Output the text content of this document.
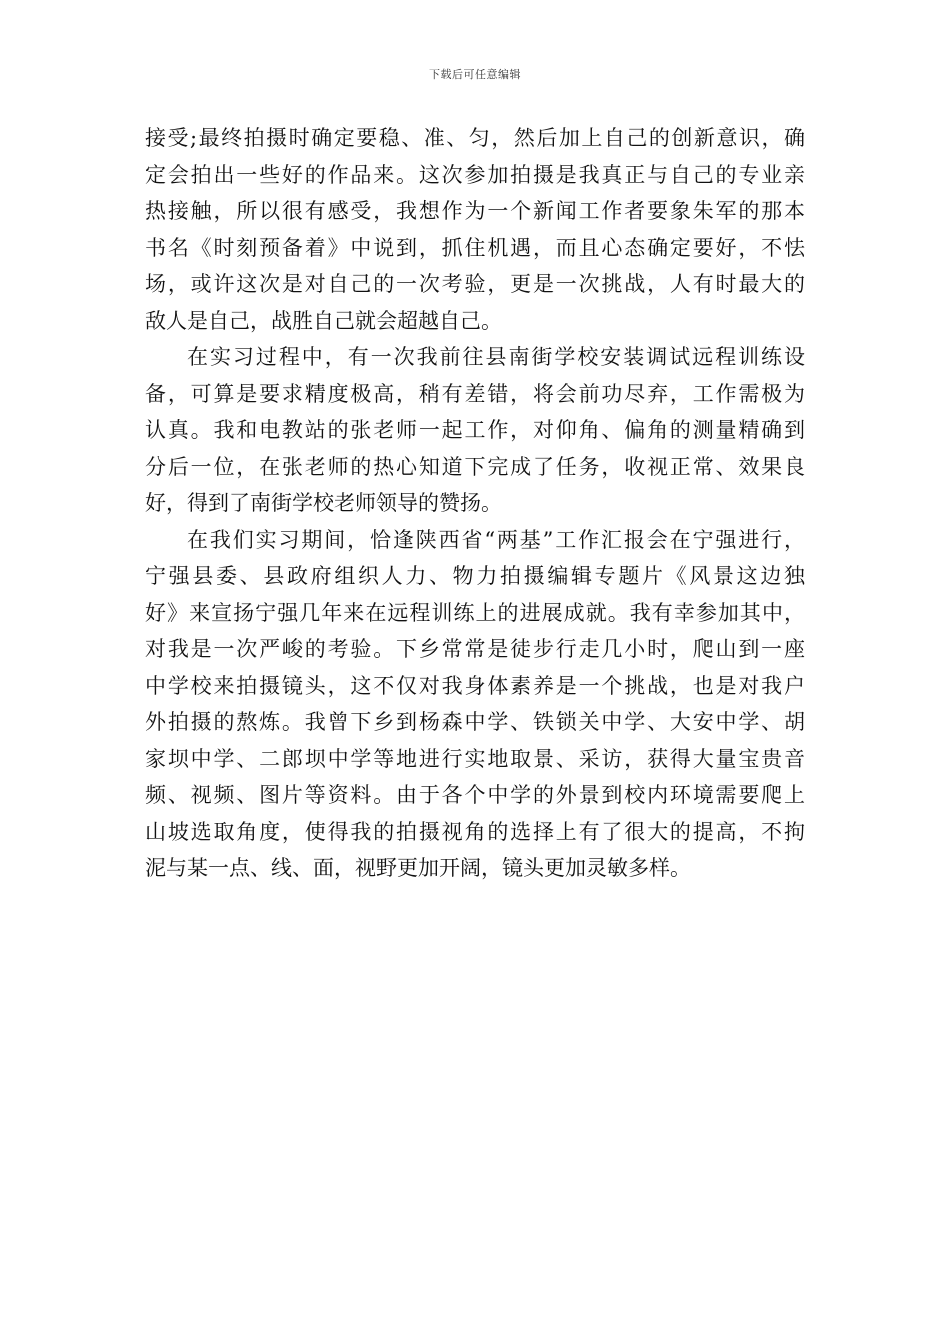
下载后可任意编辑
接受;最终拍摄时确定要稳、准、匀，然后加上自己的创新意识，确
定会拍出一些好的作品来。这次参加拍摄是我真正与自己的专业亲
热接触，所以很有感受，我想作为一个新闻工作者要象朱军的那本
书名《时刻预备着》中说到，抓住机遇，而且心态确定要好，不怯
场，或许这次是对自己的一次考验，更是一次挑战，人有时最大的
敌人是自己，战胜自己就会超越自己。
在实习过程中，有一次我前往县南街学校安装调试远程训练设
备，可算是要求精度极高，稍有差错，将会前功尽弃，工作需极为
认真。我和电教站的张老师一起工作，对仰角、偏角的测量精确到
分后一位，在张老师的热心知道下完成了任务，收视正常、效果良
好，得到了南街学校老师领导的赞扬。
在我们实习期间，恰逢陕西省“两基”工作汇报会在宁强进行，
宁强县委、县政府组织人力、物力拍摄编辑专题片《风景这边独
好》来宣扬宁强几年来在远程训练上的进展成就。我有幸参加其中，
对我是一次严峻的考验。下乡常常是徒步行走几小时，爬山到一座
中学校来拍摄镜头，这不仅对我身体素养是一个挑战，也是对我户
外拍摄的熬炼。我曾下乡到杨森中学、铁锁关中学、大安中学、胡
家坝中学、二郎坝中学等地进行实地取景、采访，获得大量宝贵音
频、视频、图片等资料。由于各个中学的外景到校内环境需要爬上
山坡选取角度，使得我的拍摄视角的选择上有了很大的提高，不拘
泥与某一点、线、面，视野更加开阔，镜头更加灵敏多样。
